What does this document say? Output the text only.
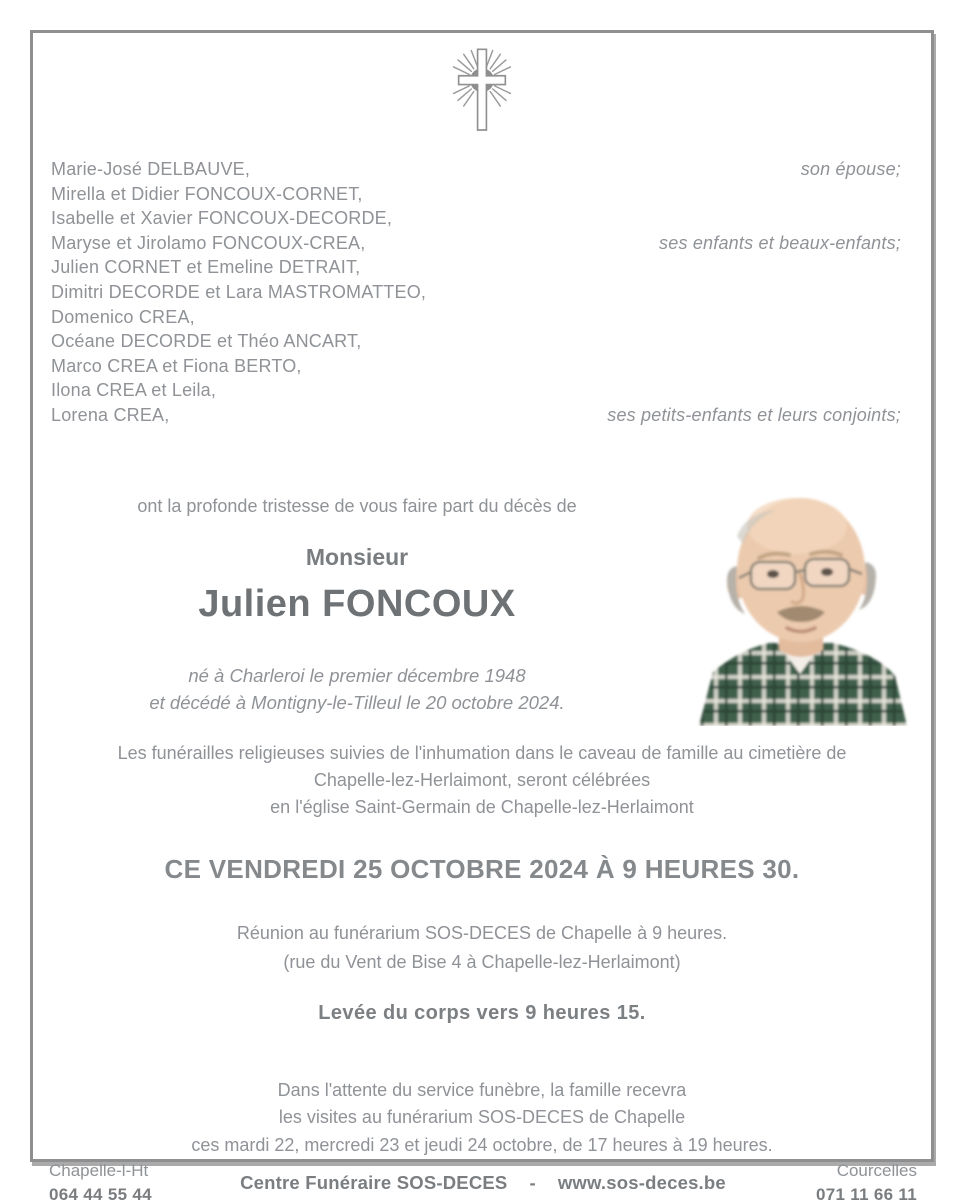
Marie-José DELBAUVE,	son épouse;
Mirella et Didier FONCOUX-CORNET,
Isabelle et Xavier FONCOUX-DECORDE,
Maryse et Jirolamo FONCOUX-CREA,	ses enfants et beaux-enfants;
Julien CORNET et Emeline DETRAIT,
Dimitri DECORDE et Lara MASTROMATTEO,
Domenico CREA,
Océane DECORDE et Théo ANCART,
Marco CREA et Fiona BERTO,
Ilona CREA et Leila,
Lorena CREA,	ses petits-enfants et leurs conjoints;

ont la profonde tristesse de vous faire part du décès de

Monsieur

Julien FONCOUX

né à Charleroi le premier décembre 1948
et décédé à Montigny-le-Tilleul le 20 octobre 2024.

Les funérailles religieuses suivies de l'inhumation dans le caveau de famille au cimetière de

Chapelle-lez-Herlaimont, seront célébrées

en l'église Saint-Germain de Chapelle-lez-Herlaimont

CE VENDREDI 25 OCTOBRE 2024 À 9 HEURES 30.

Réunion au funérarium SOS-DECES de Chapelle à 9 heures.

(rue du Vent de Bise 4 à Chapelle-lez-Herlaimont)

Levée du corps vers 9 heures 15.

Dans l'attente du service funèbre, la famille recevra

les visites au funérarium SOS-DECES de Chapelle

ces mardi 22, mercredi 23 et jeudi 24 octobre, de 17 heures à 19 heures.

Chapelle-l-Ht
064 44 55 44
Centre Funéraire SOS-DECES - www.sos-deces.be
Courcelles
071 11 66 11
